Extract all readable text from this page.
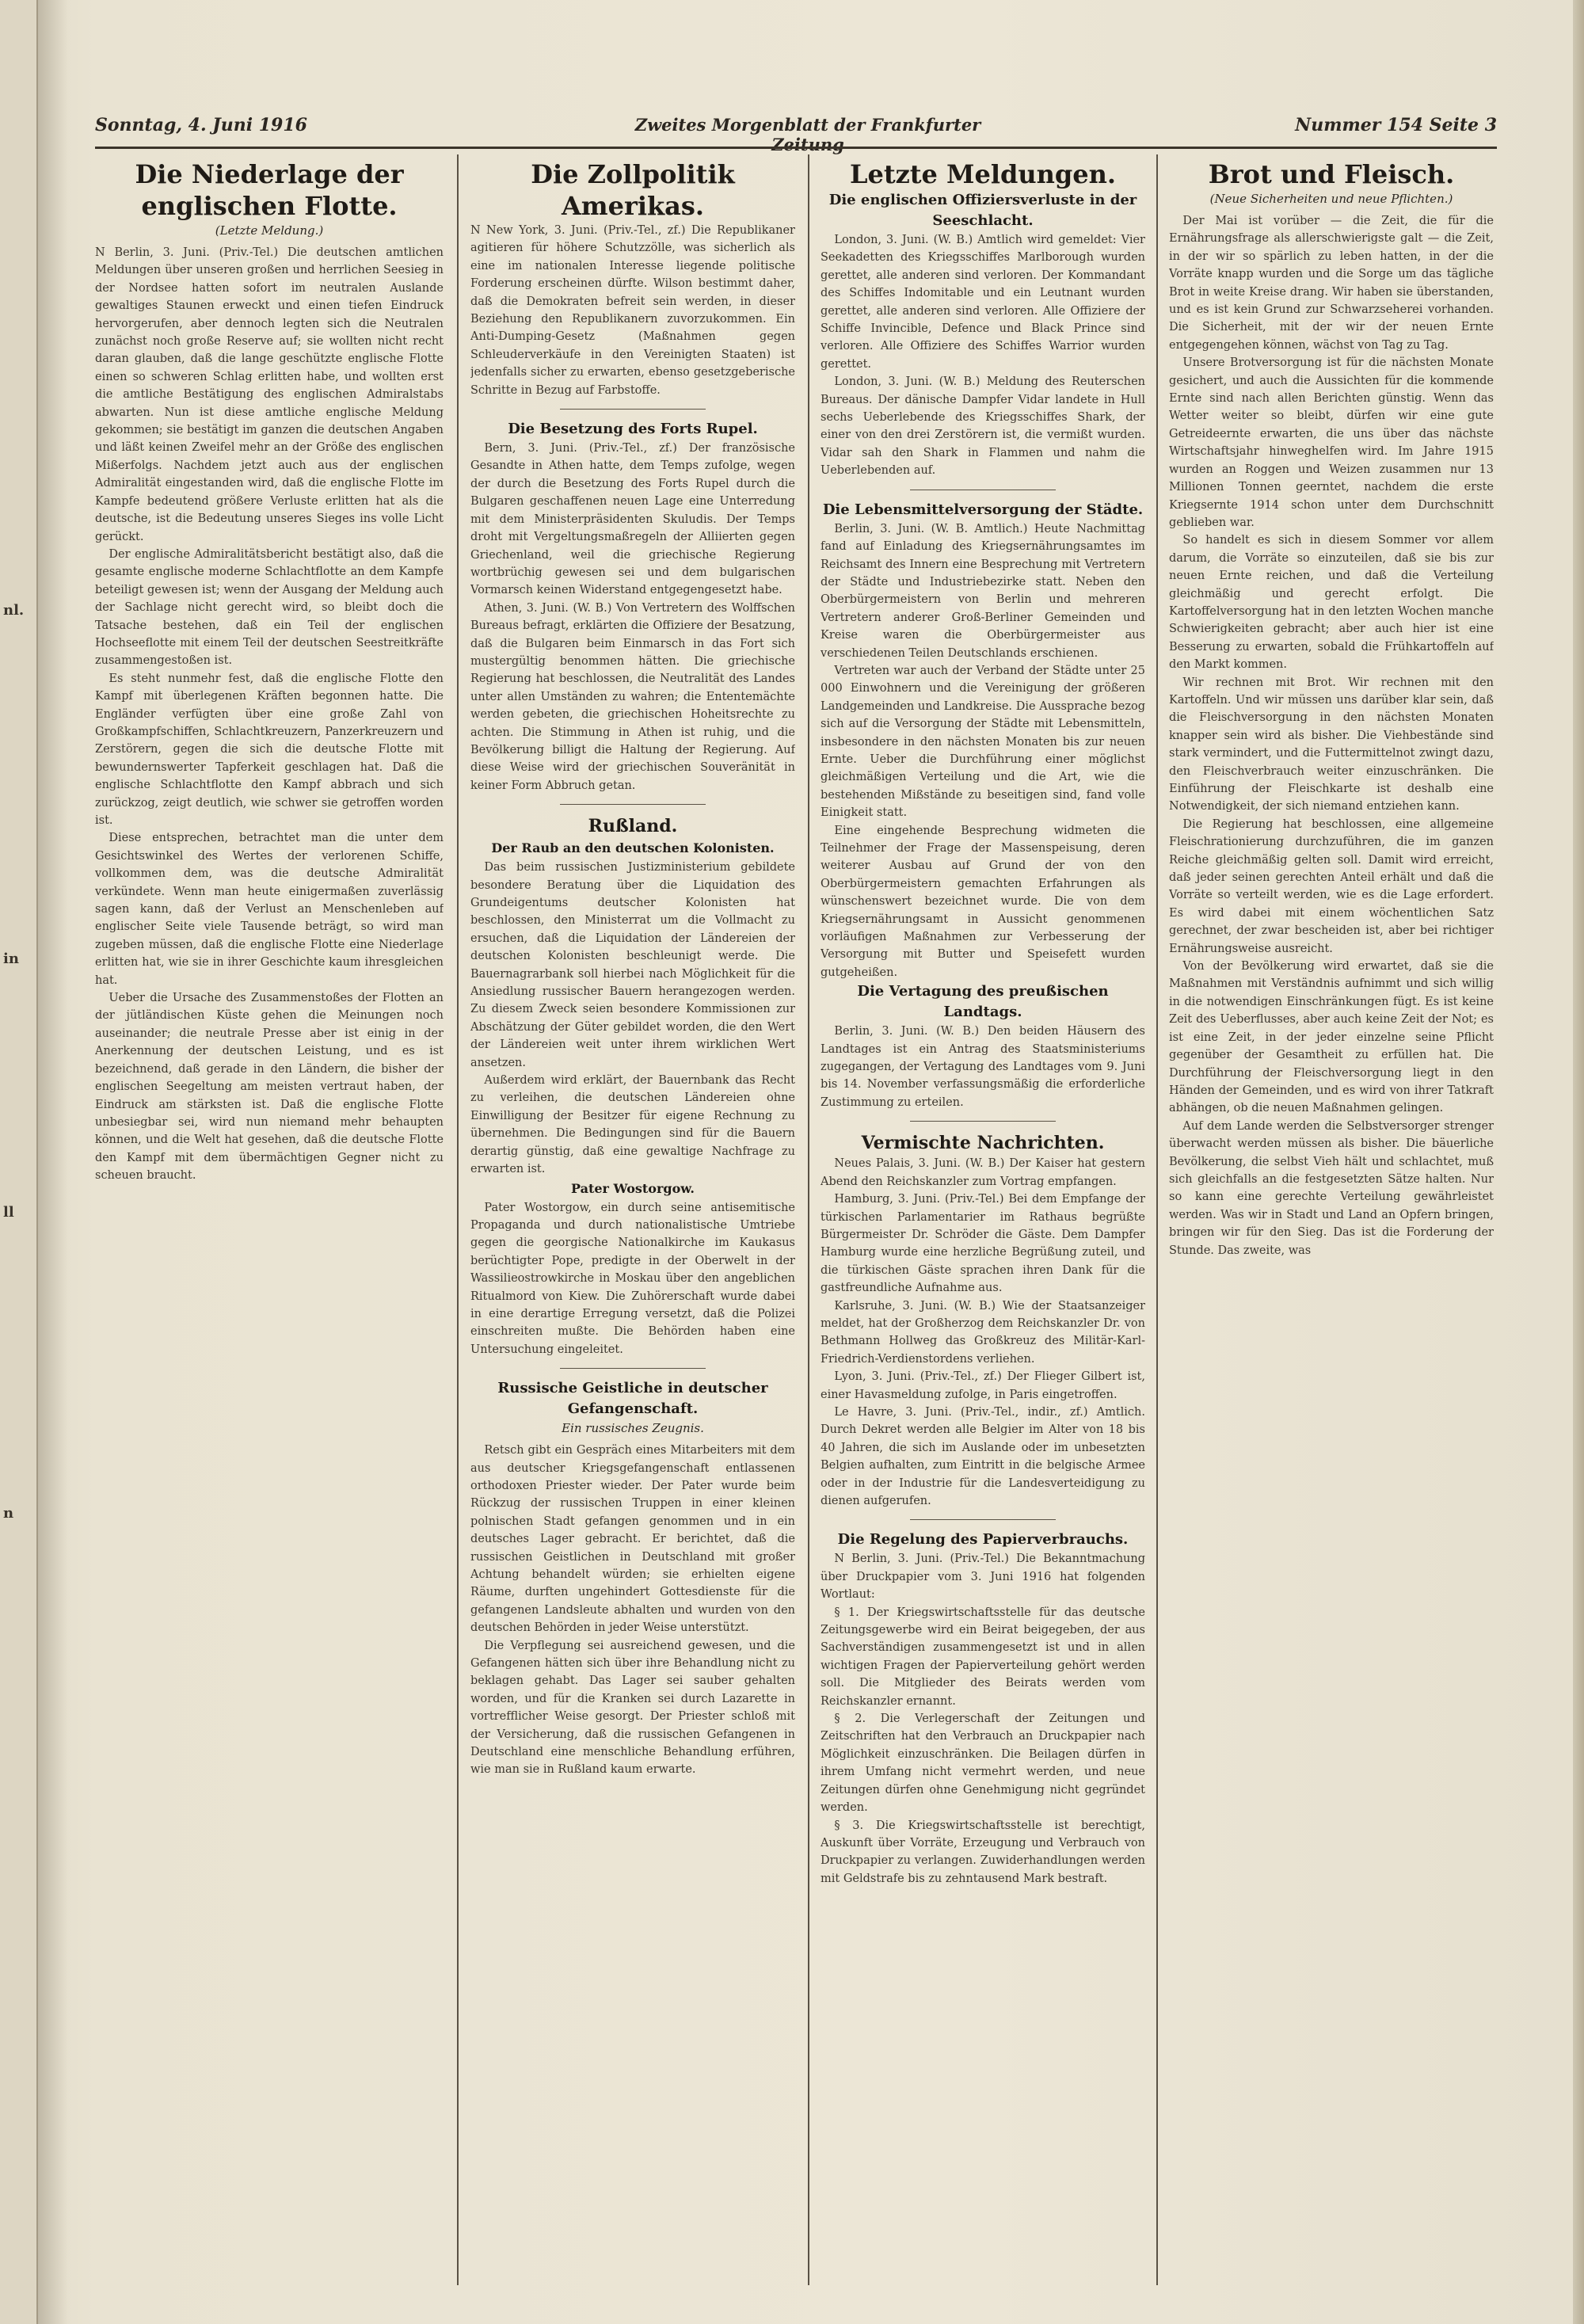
nl.
in
ll
n
Sonntag, 4. Juni 1916	Zweites Morgenblatt der Frankfurter Zeitung
Nummer 154 Seite 3
Die Niederlage der englischen Flotte.

(Letzte Meldung.)

N Berlin, 3. Juni. (Priv.-Tel.) Die deutschen amtlichen Meldungen über unseren großen und herrlichen Seesieg in der Nordsee hatten sofort im neutralen Auslande gewaltiges Staunen erweckt und einen tiefen Eindruck hervorgerufen, aber dennoch legten sich die Neutralen zunächst noch große Reserve auf; sie wollten nicht recht daran glauben, daß die lange geschützte englische Flotte einen so schweren Schlag erlitten habe, und wollten erst die amtliche Bestätigung des englischen Admiralstabs abwarten. Nun ist diese amtliche englische Meldung gekommen; sie bestätigt im ganzen die deutschen Angaben und läßt keinen Zweifel mehr an der Größe des englischen Mißerfolgs. Nachdem jetzt auch aus der englischen Admiralität eingestanden wird, daß die englische Flotte im Kampfe bedeutend größere Verluste erlitten hat als die deutsche, ist die Bedeutung unseres Sieges ins volle Licht gerückt.

Der englische Admiralitätsbericht bestätigt also, daß die gesamte englische moderne Schlachtflotte an dem Kampfe beteiligt gewesen ist; wenn der Ausgang der Meldung auch der Sachlage nicht gerecht wird, so bleibt doch die Tatsache bestehen, daß ein Teil der englischen Hochseeflotte mit einem Teil der deutschen Seestreitkräfte zusammengestoßen ist.

Es steht nunmehr fest, daß die englische Flotte den Kampf mit überlegenen Kräften begonnen hatte. Die Engländer verfügten über eine große Zahl von Großkampfschiffen, Schlachtkreuzern, Panzerkreuzern und Zerstörern, gegen die sich die deutsche Flotte mit bewundernswerter Tapferkeit geschlagen hat. Daß die englische Schlachtflotte den Kampf abbrach und sich zurückzog, zeigt deutlich, wie schwer sie getroffen worden ist.

Diese entsprechen, betrachtet man die unter dem Gesichtswinkel des Wertes der verlorenen Schiffe, vollkommen dem, was die deutsche Admiralität verkündete. Wenn man heute einigermaßen zuverlässig sagen kann, daß der Verlust an Menschenleben auf englischer Seite viele Tausende beträgt, so wird man zugeben müssen, daß die englische Flotte eine Niederlage erlitten hat, wie sie in ihrer Geschichte kaum ihresgleichen hat.

Ueber die Ursache des Zusammenstoßes der Flotten an der jütländischen Küste gehen die Meinungen noch auseinander; die neutrale Presse aber ist einig in der Anerkennung der deutschen Leistung, und es ist bezeichnend, daß gerade in den Ländern, die bisher der englischen Seegeltung am meisten vertraut haben, der Eindruck am stärksten ist. Daß die englische Flotte unbesiegbar sei, wird nun niemand mehr behaupten können, und die Welt hat gesehen, daß die deutsche Flotte den Kampf mit dem übermächtigen Gegner nicht zu scheuen braucht.

Die Zollpolitik Amerikas.

N New York, 3. Juni. (Priv.-Tel., zf.) Die Republikaner agitieren für höhere Schutzzölle, was sicherlich als eine im nationalen Interesse liegende politische Forderung erscheinen dürfte. Wilson bestimmt daher, daß die Demokraten befreit sein werden, in dieser Beziehung den Republikanern zuvorzukommen. Ein Anti-Dumping-Gesetz (Maßnahmen gegen Schleuderverkäufe in den Vereinigten Staaten) ist jedenfalls sicher zu erwarten, ebenso gesetzgeberische Schritte in Bezug auf Farbstoffe.

Die Besetzung des Forts Rupel.

Bern, 3. Juni. (Priv.-Tel., zf.) Der französische Gesandte in Athen hatte, dem Temps zufolge, wegen der durch die Besetzung des Forts Rupel durch die Bulgaren geschaffenen neuen Lage eine Unterredung mit dem Ministerpräsidenten Skuludis. Der Temps droht mit Vergeltungsmaßregeln der Alliierten gegen Griechenland, weil die griechische Regierung wortbrüchig gewesen sei und dem bulgarischen Vormarsch keinen Widerstand entgegengesetzt habe.

Athen, 3. Juni. (W. B.) Von Vertretern des Wolffschen Bureaus befragt, erklärten die Offiziere der Besatzung, daß die Bulgaren beim Einmarsch in das Fort sich mustergültig benommen hätten. Die griechische Regierung hat beschlossen, die Neutralität des Landes unter allen Umständen zu wahren; die Ententemächte werden gebeten, die griechischen Hoheitsrechte zu achten. Die Stimmung in Athen ist ruhig, und die Bevölkerung billigt die Haltung der Regierung. Auf diese Weise wird der griechischen Souveränität in keiner Form Abbruch getan.

Rußland.
Der Raub an den deutschen Kolonisten.

Das beim russischen Justizministerium gebildete besondere Beratung über die Liquidation des Grundeigentums deutscher Kolonisten hat beschlossen, den Ministerrat um die Vollmacht zu ersuchen, daß die Liquidation der Ländereien der deutschen Kolonisten beschleunigt werde. Die Bauernagrarbank soll hierbei nach Möglichkeit für die Ansiedlung russischer Bauern herangezogen werden. Zu diesem Zweck seien besondere Kommissionen zur Abschätzung der Güter gebildet worden, die den Wert der Ländereien weit unter ihrem wirklichen Wert ansetzen.

Außerdem wird erklärt, der Bauernbank das Recht zu verleihen, die deutschen Ländereien ohne Einwilligung der Besitzer für eigene Rechnung zu übernehmen. Die Bedingungen sind für die Bauern derartig günstig, daß eine gewaltige Nachfrage zu erwarten ist.

Pater Wostorgow.

Pater Wostorgow, ein durch seine antisemitische Propaganda und durch nationalistische Umtriebe gegen die georgische Nationalkirche im Kaukasus berüchtigter Pope, predigte in der Oberwelt in der Wassilieostrowkirche in Moskau über den angeblichen Ritualmord von Kiew. Die Zuhörerschaft wurde dabei in eine derartige Erregung versetzt, daß die Polizei einschreiten mußte. Die Behörden haben eine Untersuchung eingeleitet.

Russische Geistliche in deutscher Gefangenschaft.

Ein russisches Zeugnis.

Retsch gibt ein Gespräch eines Mitarbeiters mit dem aus deutscher Kriegsgefangenschaft entlassenen orthodoxen Priester wieder. Der Pater wurde beim Rückzug der russischen Truppen in einer kleinen polnischen Stadt gefangen genommen und in ein deutsches Lager gebracht. Er berichtet, daß die russischen Geistlichen in Deutschland mit großer Achtung behandelt würden; sie erhielten eigene Räume, durften ungehindert Gottesdienste für die gefangenen Landsleute abhalten und wurden von den deutschen Behörden in jeder Weise unterstützt.

Die Verpflegung sei ausreichend gewesen, und die Gefangenen hätten sich über ihre Behandlung nicht zu beklagen gehabt. Das Lager sei sauber gehalten worden, und für die Kranken sei durch Lazarette in vortrefflicher Weise gesorgt. Der Priester schloß mit der Versicherung, daß die russischen Gefangenen in Deutschland eine menschliche Behandlung erführen, wie man sie in Rußland kaum erwarte.

Letzte Meldungen.
Die englischen Offiziersverluste in der Seeschlacht.

London, 3. Juni. (W. B.) Amtlich wird gemeldet: Vier Seekadetten des Kriegsschiffes Marlborough wurden gerettet, alle anderen sind verloren. Der Kommandant des Schiffes Indomitable und ein Leutnant wurden gerettet, alle anderen sind verloren. Alle Offiziere der Schiffe Invincible, Defence und Black Prince sind verloren. Alle Offiziere des Schiffes Warrior wurden gerettet.

London, 3. Juni. (W. B.) Meldung des Reuterschen Bureaus. Der dänische Dampfer Vidar landete in Hull sechs Ueberlebende des Kriegsschiffes Shark, der einer von den drei Zerstörern ist, die vermißt wurden. Vidar sah den Shark in Flammen und nahm die Ueberlebenden auf.

Die Lebensmittelversorgung der Städte.

Berlin, 3. Juni. (W. B. Amtlich.) Heute Nachmittag fand auf Einladung des Kriegsernährungsamtes im Reichsamt des Innern eine Besprechung mit Vertretern der Städte und Industriebezirke statt. Neben den Oberbürgermeistern von Berlin und mehreren Vertretern anderer Groß-Berliner Gemeinden und Kreise waren die Oberbürgermeister aus verschiedenen Teilen Deutschlands erschienen.

Vertreten war auch der Verband der Städte unter 25 000 Einwohnern und die Vereinigung der größeren Landgemeinden und Landkreise. Die Aussprache bezog sich auf die Versorgung der Städte mit Lebensmitteln, insbesondere in den nächsten Monaten bis zur neuen Ernte. Ueber die Durchführung einer möglichst gleichmäßigen Verteilung und die Art, wie die bestehenden Mißstände zu beseitigen sind, fand volle Einigkeit statt.

Eine eingehende Besprechung widmeten die Teilnehmer der Frage der Massenspeisung, deren weiterer Ausbau auf Grund der von den Oberbürgermeistern gemachten Erfahrungen als wünschenswert bezeichnet wurde. Die von dem Kriegsernährungsamt in Aussicht genommenen vorläufigen Maßnahmen zur Verbesserung der Versorgung mit Butter und Speisefett wurden gutgeheißen.

Die Vertagung des preußischen Landtags.

Berlin, 3. Juni. (W. B.) Den beiden Häusern des Landtages ist ein Antrag des Staatsministeriums zugegangen, der Vertagung des Landtages vom 9. Juni bis 14. November verfassungsmäßig die erforderliche Zustimmung zu erteilen.

Vermischte Nachrichten.

Neues Palais, 3. Juni. (W. B.) Der Kaiser hat gestern Abend den Reichskanzler zum Vortrag empfangen.

Hamburg, 3. Juni. (Priv.-Tel.) Bei dem Empfange der türkischen Parlamentarier im Rathaus begrüßte Bürgermeister Dr. Schröder die Gäste. Dem Dampfer Hamburg wurde eine herzliche Begrüßung zuteil, und die türkischen Gäste sprachen ihren Dank für die gastfreundliche Aufnahme aus.

Karlsruhe, 3. Juni. (W. B.) Wie der Staatsanzeiger meldet, hat der Großherzog dem Reichskanzler Dr. von Bethmann Hollweg das Großkreuz des Militär-Karl-Friedrich-Verdienstordens verliehen.

Lyon, 3. Juni. (Priv.-Tel., zf.) Der Flieger Gilbert ist, einer Havasmeldung zufolge, in Paris eingetroffen.

Le Havre, 3. Juni. (Priv.-Tel., indir., zf.) Amtlich. Durch Dekret werden alle Belgier im Alter von 18 bis 40 Jahren, die sich im Auslande oder im unbesetzten Belgien aufhalten, zum Eintritt in die belgische Armee oder in der Industrie für die Landesverteidigung zu dienen aufgerufen.

Die Regelung des Papierverbrauchs.

N Berlin, 3. Juni. (Priv.-Tel.) Die Bekanntmachung über Druckpapier vom 3. Juni 1916 hat folgenden Wortlaut:

§ 1. Der Kriegswirtschaftsstelle für das deutsche Zeitungsgewerbe wird ein Beirat beigegeben, der aus Sachverständigen zusammengesetzt ist und in allen wichtigen Fragen der Papierverteilung gehört werden soll. Die Mitglieder des Beirats werden vom Reichskanzler ernannt.

§ 2. Die Verlegerschaft der Zeitungen und Zeitschriften hat den Verbrauch an Druckpapier nach Möglichkeit einzuschränken. Die Beilagen dürfen in ihrem Umfang nicht vermehrt werden, und neue Zeitungen dürfen ohne Genehmigung nicht gegründet werden.

§ 3. Die Kriegswirtschaftsstelle ist berechtigt, Auskunft über Vorräte, Erzeugung und Verbrauch von Druckpapier zu verlangen. Zuwiderhandlungen werden mit Geldstrafe bis zu zehntausend Mark bestraft.

Brot und Fleisch.

(Neue Sicherheiten und neue Pflichten.)

Der Mai ist vorüber — die Zeit, die für die Ernährungsfrage als allerschwierigste galt — die Zeit, in der wir so spärlich zu leben hatten, in der die Vorräte knapp wurden und die Sorge um das tägliche Brot in weite Kreise drang. Wir haben sie überstanden, und es ist kein Grund zur Schwarzseherei vorhanden. Die Sicherheit, mit der wir der neuen Ernte entgegengehen können, wächst von Tag zu Tag.

Unsere Brotversorgung ist für die nächsten Monate gesichert, und auch die Aussichten für die kommende Ernte sind nach allen Berichten günstig. Wenn das Wetter weiter so bleibt, dürfen wir eine gute Getreideernte erwarten, die uns über das nächste Wirtschaftsjahr hinweghelfen wird. Im Jahre 1915 wurden an Roggen und Weizen zusammen nur 13 Millionen Tonnen geerntet, nachdem die erste Kriegsernte 1914 schon unter dem Durchschnitt geblieben war.

So handelt es sich in diesem Sommer vor allem darum, die Vorräte so einzuteilen, daß sie bis zur neuen Ernte reichen, und daß die Verteilung gleichmäßig und gerecht erfolgt. Die Kartoffelversorgung hat in den letzten Wochen manche Schwierigkeiten gebracht; aber auch hier ist eine Besserung zu erwarten, sobald die Frühkartoffeln auf den Markt kommen.

Wir rechnen mit Brot. Wir rechnen mit den Kartoffeln. Und wir müssen uns darüber klar sein, daß die Fleischversorgung in den nächsten Monaten knapper sein wird als bisher. Die Viehbestände sind stark vermindert, und die Futtermittelnot zwingt dazu, den Fleischverbrauch weiter einzuschränken. Die Einführung der Fleischkarte ist deshalb eine Notwendigkeit, der sich niemand entziehen kann.

Die Regierung hat beschlossen, eine allgemeine Fleischrationierung durchzuführen, die im ganzen Reiche gleichmäßig gelten soll. Damit wird erreicht, daß jeder seinen gerechten Anteil erhält und daß die Vorräte so verteilt werden, wie es die Lage erfordert. Es wird dabei mit einem wöchentlichen Satz gerechnet, der zwar bescheiden ist, aber bei richtiger Ernährungsweise ausreicht.

Von der Bevölkerung wird erwartet, daß sie die Maßnahmen mit Verständnis aufnimmt und sich willig in die notwendigen Einschränkungen fügt. Es ist keine Zeit des Ueberflusses, aber auch keine Zeit der Not; es ist eine Zeit, in der jeder einzelne seine Pflicht gegenüber der Gesamtheit zu erfüllen hat. Die Durchführung der Fleischversorgung liegt in den Händen der Gemeinden, und es wird von ihrer Tatkraft abhängen, ob die neuen Maßnahmen gelingen.

Auf dem Lande werden die Selbstversorger strenger überwacht werden müssen als bisher. Die bäuerliche Bevölkerung, die selbst Vieh hält und schlachtet, muß sich gleichfalls an die festgesetzten Sätze halten. Nur so kann eine gerechte Verteilung gewährleistet werden. Was wir in Stadt und Land an Opfern bringen, bringen wir für den Sieg. Das ist die Forderung der Stunde. Das zweite, was
